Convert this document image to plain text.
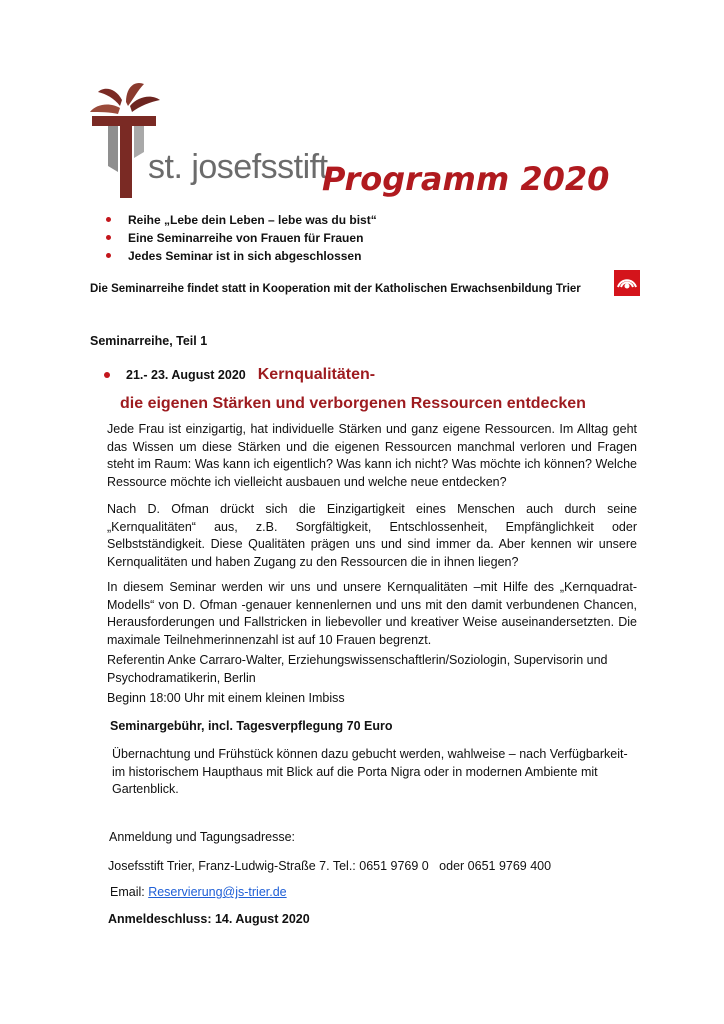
st. josefsstift
Programm 2020
Reihe „Lebe dein Leben – lebe was du bist“
Eine Seminarreihe von Frauen für Frauen
Jedes Seminar ist in sich abgeschlossen
Die Seminarreihe findet statt in Kooperation mit der Katholischen Erwachsenbildung Trier
Seminarreihe, Teil 1
21.- 23. August 2020 Kernqualitäten-
die eigenen Stärken und verborgenen Ressourcen entdecken
Jede Frau ist einzigartig, hat individuelle Stärken und ganz eigene Ressourcen. Im Alltag geht das Wissen um diese Stärken und die eigenen Ressourcen manchmal verloren und Fragen steht im Raum: Was kann ich eigentlich? Was kann ich nicht? Was möchte ich können? Welche Ressource möchte ich vielleicht ausbauen und welche neue entdecken?
Nach D. Ofman drückt sich die Einzigartigkeit eines Menschen auch durch seine „Kernqualitäten“ aus, z.B. Sorgfältigkeit, Entschlossenheit, Empfänglichkeit oder Selbstständigkeit. Diese Qualitäten prägen uns und sind immer da. Aber kennen wir unsere Kernqualitäten und haben Zugang zu den Ressourcen die in ihnen liegen?
In diesem Seminar werden wir uns und unsere Kernqualitäten –mit Hilfe des „Kernquadrat-Modells“ von D. Ofman -genauer kennenlernen und uns mit den damit verbundenen Chancen, Herausforderungen und Fallstricken in liebevoller und kreativer Weise auseinandersetzten. Die maximale Teilnehmerinnenzahl ist auf 10 Frauen begrenzt.
Referentin Anke Carraro-Walter, Erziehungswissenschaftlerin/Soziologin, Supervisorin und Psychodramatikerin, Berlin
Beginn 18:00 Uhr mit einem kleinen Imbiss
Seminargebühr, incl. Tagesverpflegung 70 Euro
Übernachtung und Frühstück können dazu gebucht werden, wahlweise – nach Verfügbarkeit- im historischem Haupthaus mit Blick auf die Porta Nigra oder in modernen Ambiente mit Gartenblick.
Anmeldung und Tagungsadresse:
Josefsstift Trier, Franz-Ludwig-Straße 7. Tel.: 0651 9769 0   oder 0651 9769 400
Email: Reservierung@js-trier.de
Anmeldeschluss: 14. August 2020
